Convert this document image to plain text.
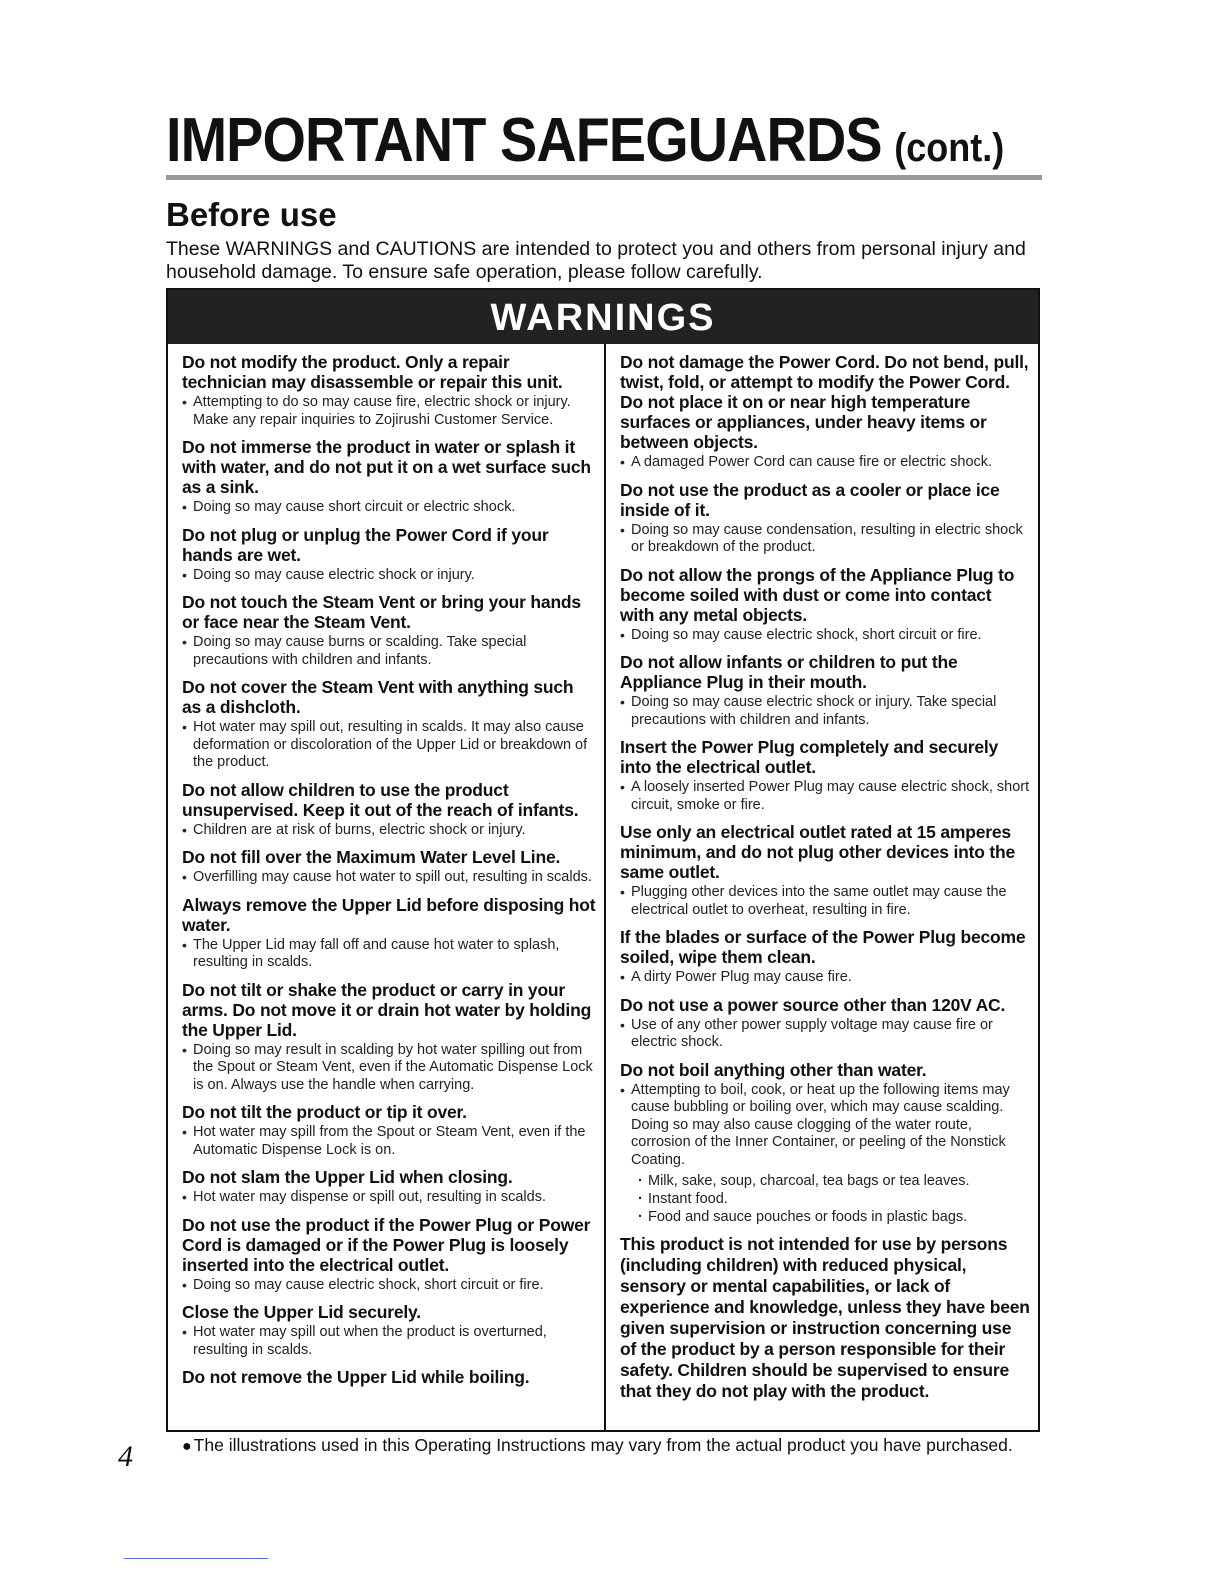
IMPORTANT SAFEGUARDS (cont.)
Before use

These WARNINGS and CAUTIONS are intended to protect you and others from personal injury and household damage. To ensure safe operation, please follow carefully.

WARNINGS

Do not modify the product. Only a repair technician may disassemble or repair this unit.

• Attempting to do so may cause fire, electric shock or injury. Make any repair inquiries to Zojirushi Customer Service.

Do not immerse the product in water or splash it with water, and do not put it on a wet surface such as a sink.

• Doing so may cause short circuit or electric shock.

Do not plug or unplug the Power Cord if your hands are wet.

• Doing so may cause electric shock or injury.

Do not touch the Steam Vent or bring your hands or face near the Steam Vent.

• Doing so may cause burns or scalding. Take special precautions with children and infants.

Do not cover the Steam Vent with anything such as a dishcloth.

• Hot water may spill out, resulting in scalds. It may also cause deformation or discoloration of the Upper Lid or breakdown of the product.

Do not allow children to use the product unsupervised. Keep it out of the reach of infants.

• Children are at risk of burns, electric shock or injury.

Do not fill over the Maximum Water Level Line.

• Overfilling may cause hot water to spill out, resulting in scalds.

Always remove the Upper Lid before disposing hot water.

• The Upper Lid may fall off and cause hot water to splash, resulting in scalds.

Do not tilt or shake the product or carry in your arms. Do not move it or drain hot water by holding the Upper Lid.

• Doing so may result in scalding by hot water spilling out from the Spout or Steam Vent, even if the Automatic Dispense Lock is on. Always use the handle when carrying.

Do not tilt the product or tip it over.

• Hot water may spill from the Spout or Steam Vent, even if the Automatic Dispense Lock is on.

Do not slam the Upper Lid when closing.

• Hot water may dispense or spill out, resulting in scalds.

Do not use the product if the Power Plug or Power Cord is damaged or if the Power Plug is loosely inserted into the electrical outlet.

• Doing so may cause electric shock, short circuit or fire.

Close the Upper Lid securely.

• Hot water may spill out when the product is overturned, resulting in scalds.

Do not remove the Upper Lid while boiling.

Do not damage the Power Cord. Do not bend, pull, twist, fold, or attempt to modify the Power Cord. Do not place it on or near high temperature surfaces or appliances, under heavy items or between objects.

• A damaged Power Cord can cause fire or electric shock.

Do not use the product as a cooler or place ice inside of it.

• Doing so may cause condensation, resulting in electric shock or breakdown of the product.

Do not allow the prongs of the Appliance Plug to become soiled with dust or come into contact with any metal objects.

• Doing so may cause electric shock, short circuit or fire.

Do not allow infants or children to put the Appliance Plug in their mouth.

• Doing so may cause electric shock or injury. Take special precautions with children and infants.

Insert the Power Plug completely and securely into the electrical outlet.

• A loosely inserted Power Plug may cause electric shock, short circuit, smoke or fire.

Use only an electrical outlet rated at 15 amperes minimum, and do not plug other devices into the same outlet.

• Plugging other devices into the same outlet may cause the electrical outlet to overheat, resulting in fire.

If the blades or surface of the Power Plug become soiled, wipe them clean.

• A dirty Power Plug may cause fire.

Do not use a power source other than 120V AC.

• Use of any other power supply voltage may cause fire or electric shock.

Do not boil anything other than water.

• Attempting to boil, cook, or heat up the following items may cause bubbling or boiling over, which may cause scalding. Doing so may also cause clogging of the water route, corrosion of the Inner Container, or peeling of the Nonstick Coating.

· Milk, sake, soup, charcoal, tea bags or tea leaves.
· Instant food.
· Food and sauce pouches or foods in plastic bags.

This product is not intended for use by persons (including children) with reduced physical, sensory or mental capabilities, or lack of experience and knowledge, unless they have been given supervision or instruction concerning use of the product by a person responsible for their safety. Children should be supervised to ensure that they do not play with the product.

● The illustrations used in this Operating Instructions may vary from the actual product you have purchased.

4
